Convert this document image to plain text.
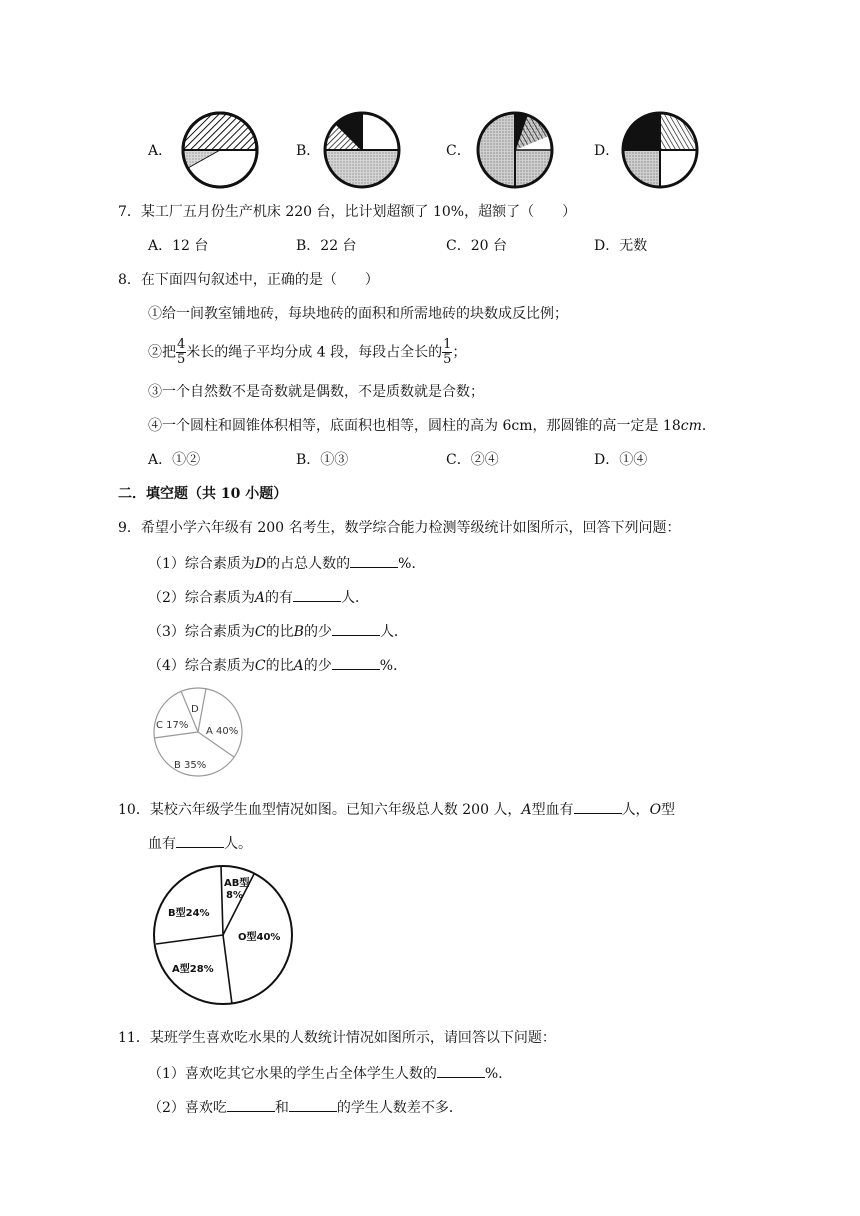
A．	B．	C．	D．
7．某工厂五月份生产机床 220 台，比计划超额了 10%，超额了（　　）
A．12 台	B．22 台	C．20 台	D．无数
8．在下面四句叙述中，正确的是（　　）
①给一间教室铺地砖，每块地砖的面积和所需地砖的块数成反比例；
②把 $\frac{4}{5}$ 米长的绳子平均分成 4 段，每段占全长的 $\frac{1}{5}$ ；
③一个自然数不是奇数就是偶数，不是质数就是合数；
④一个圆柱和圆锥体积相等，底面积也相等，圆柱的高为 6cm，那圆锥的高一定是 18cm．
A．①②	B．①③	C．②④	D．①④
二．填空题（共 10 小题）
9．希望小学六年级有 200 名考生，数学综合能力检测等级统计如图所示，回答下列问题：
（1）综合素质为D的占总人数的	%．
（2）综合素质为A的有	人．
（3）综合素质为C的比B的少	人．
（4）综合素质为C的比A的少	%．
A 40%
B 35%
C 17%
D
10．某校六年级学生血型情况如图。已知六年级总人数 200 人，A型血有	人，O型
血有	人。
AB型
8%
O型40%
A型28%
B型24%
11．某班学生喜欢吃水果的人数统计情况如图所示，请回答以下问题：
（1）喜欢吃其它水果的学生占全体学生人数的	%．
（2）喜欢吃	和	的学生人数差不多．
